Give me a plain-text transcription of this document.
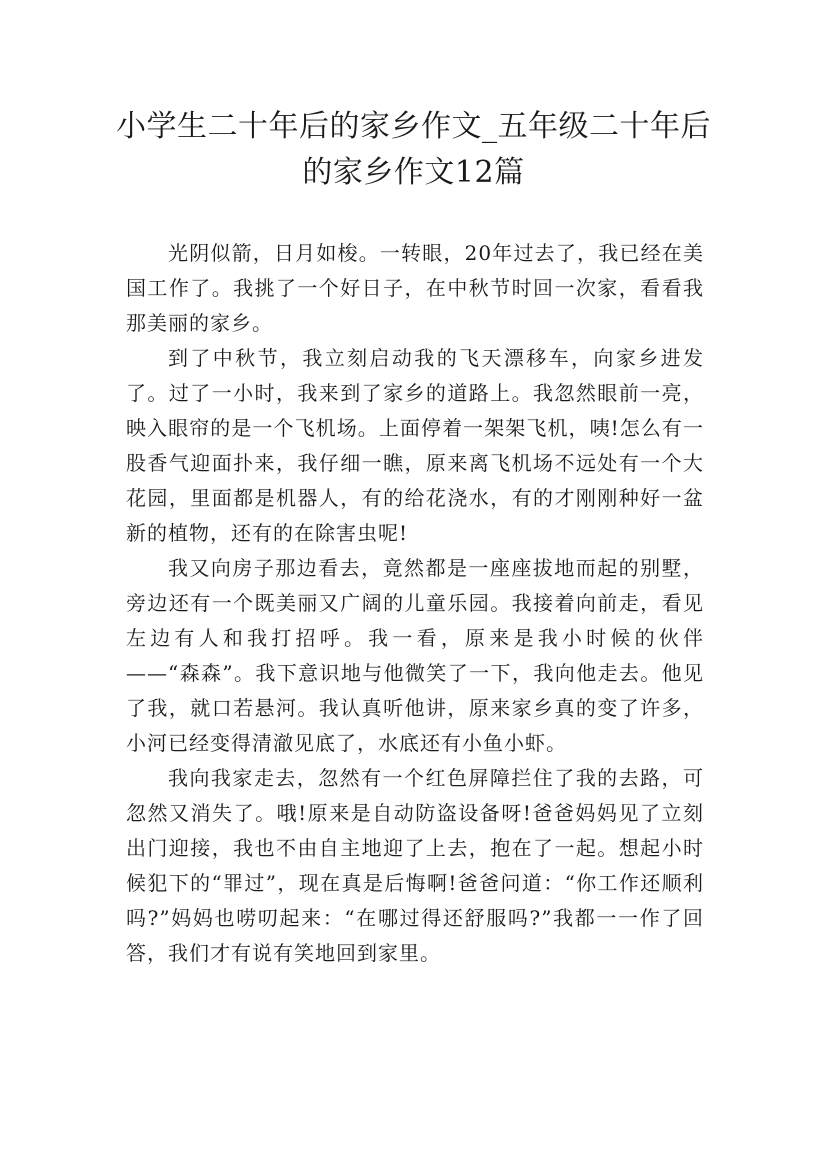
小学生二十年后的家乡作文_五年级二十年后的家乡作文12篇

光阴似箭，日月如梭。一转眼，20年过去了，我已经在美国工作了。我挑了一个好日子，在中秋节时回一次家，看看我那美丽的家乡。

到了中秋节，我立刻启动我的飞天漂移车，向家乡进发了。过了一小时，我来到了家乡的道路上。我忽然眼前一亮，映入眼帘的是一个飞机场。上面停着一架架飞机，咦!怎么有一股香气迎面扑来，我仔细一瞧，原来离飞机场不远处有一个大花园，里面都是机器人，有的给花浇水，有的才刚刚种好一盆新的植物，还有的在除害虫呢!

我又向房子那边看去，竟然都是一座座拔地而起的别墅，旁边还有一个既美丽又广阔的儿童乐园。我接着向前走，看见左边有人和我打招呼。我一看，原来是我小时候的伙伴——“森森”。我下意识地与他微笑了一下，我向他走去。他见了我，就口若悬河。我认真听他讲，原来家乡真的变了许多，小河已经变得清澈见底了，水底还有小鱼小虾。

我向我家走去，忽然有一个红色屏障拦住了我的去路，可忽然又消失了。哦!原来是自动防盗设备呀!爸爸妈妈见了立刻出门迎接，我也不由自主地迎了上去，抱在了一起。想起小时候犯下的“罪过”，现在真是后悔啊!爸爸问道：“你工作还顺利吗?”妈妈也唠叨起来：“在哪过得还舒服吗?”我都一一作了回答，我们才有说有笑地回到家里。
